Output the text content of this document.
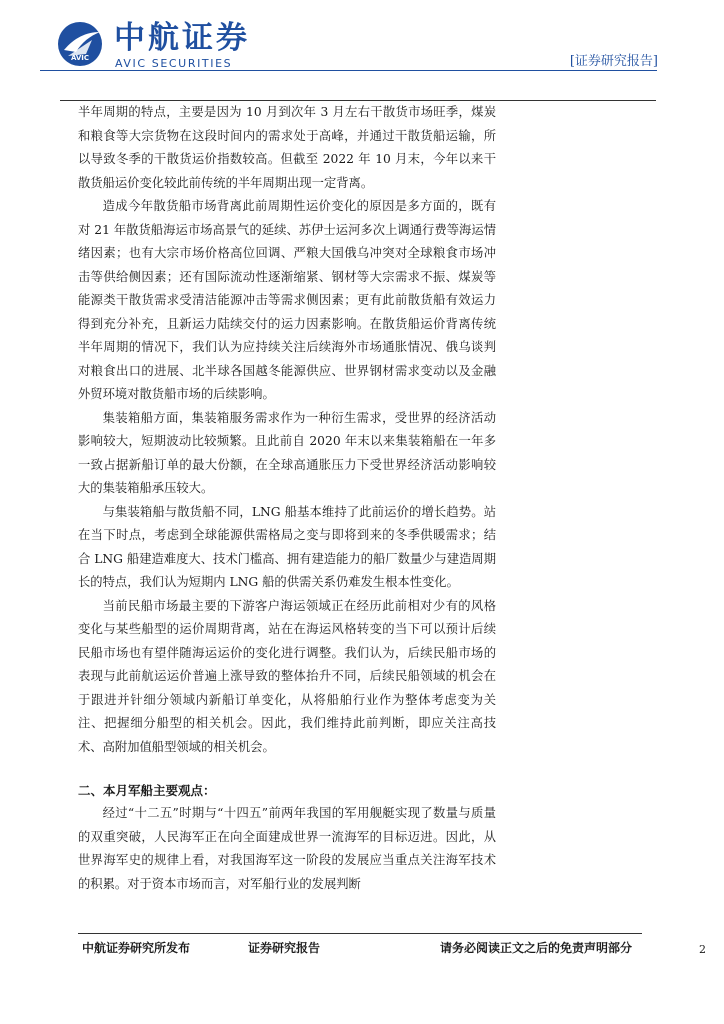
AVIC
中航证券
AVIC SECURITIES	[证券研究报告]

半年周期的特点，主要是因为 10 月到次年 3 月左右干散货市场旺季，煤炭和粮食等大宗货物在这段时间内的需求处于高峰，并通过干散货船运输，所以导致冬季的干散货运价指数较高。但截至 2022 年 10 月末，今年以来干散货船运价变化较此前传统的半年周期出现一定背离。

造成今年散货船市场背离此前周期性运价变化的原因是多方面的，既有对 21 年散货船海运市场高景气的延续、苏伊士运河多次上调通行费等海运情绪因素；也有大宗市场价格高位回调、严粮大国俄乌冲突对全球粮食市场冲击等供给侧因素；还有国际流动性逐渐缩紧、钢材等大宗需求不振、煤炭等能源类干散货需求受清洁能源冲击等需求侧因素；更有此前散货船有效运力得到充分补充，且新运力陆续交付的运力因素影响。在散货船运价背离传统半年周期的情况下，我们认为应持续关注后续海外市场通胀情况、俄乌谈判对粮食出口的进展、北半球各国越冬能源供应、世界钢材需求变动以及金融外贸环境对散货船市场的后续影响。

集装箱船方面，集装箱服务需求作为一种衍生需求，受世界的经济活动影响较大，短期波动比较频繁。且此前自 2020 年末以来集装箱船在一年多一致占据新船订单的最大份额，在全球高通胀压力下受世界经济活动影响较大的集装箱船承压较大。

与集装箱船与散货船不同，LNG 船基本维持了此前运价的增长趋势。站在当下时点，考虑到全球能源供需格局之变与即将到来的冬季供暖需求；结合 LNG 船建造难度大、技术门槛高、拥有建造能力的船厂数量少与建造周期长的特点，我们认为短期内 LNG 船的供需关系仍难发生根本性变化。

当前民船市场最主要的下游客户海运领域正在经历此前相对少有的风格变化与某些船型的运价周期背离，站在在海运风格转变的当下可以预计后续民船市场也有望伴随海运运价的变化进行调整。我们认为，后续民船市场的表现与此前航运运价普遍上涨导致的整体抬升不同，后续民船领域的机会在于跟进并针细分领域内新船订单变化，从将船舶行业作为整体考虑变为关注、把握细分船型的相关机会。因此，我们维持此前判断，即应关注高技术、高附加值船型领域的相关机会。

二、本月军船主要观点：

经过“十二五”时期与“十四五”前两年我国的军用舰艇实现了数量与质量的双重突破，人民海军正在向全面建成世界一流海军的目标迈进。因此，从世界海军史的规律上看，对我国海军这一阶段的发展应当重点关注海军技术的积累。对于资本市场而言，对军船行业的发展判断

中航证券研究所发布	证券研究报告	请务必阅读正文之后的免责声明部分	2
